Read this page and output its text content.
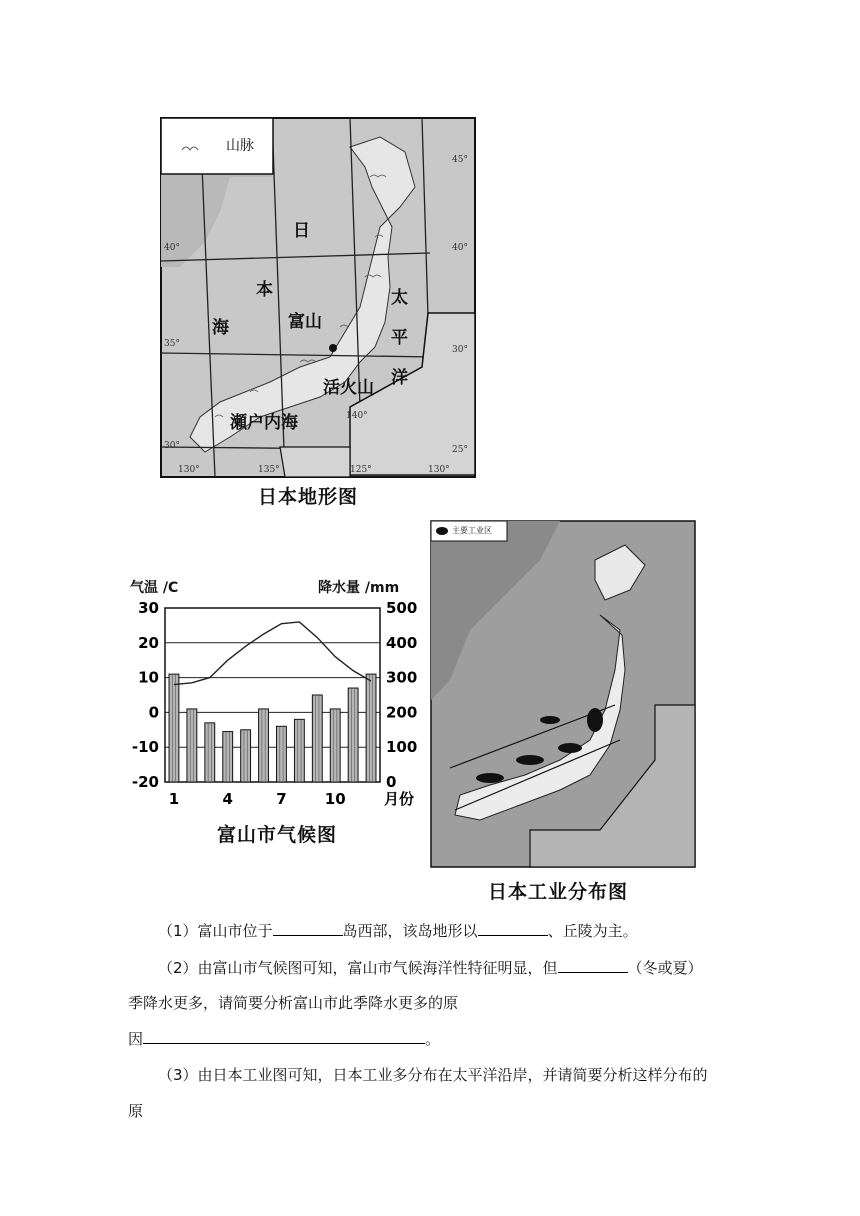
山脉
日
本
海	富山
太
平
洋
活火山
瀬户内海
45°
40°	40°
35°
30°
30°
25°
140°
130°	135°	125°	130°
日本地形图
气温 /C	降水量 /mm
30
20
10
0
-10
-20
500
400
300
200
100
0
1	4	7	10	月份
富山市气候图
主要工业区
日本工业分布图
（1）富山市位于	岛西部，该岛地形以	、丘陵为主。
（2）由富山市气候图可知，富山市气候海洋性特征明显，但	（冬或夏）
季降水更多，请简要分析富山市此季降水更多的原
因	。
（3）由日本工业图可知，日本工业多分布在太平洋沿岸，并请简要分析这样分布的
原
